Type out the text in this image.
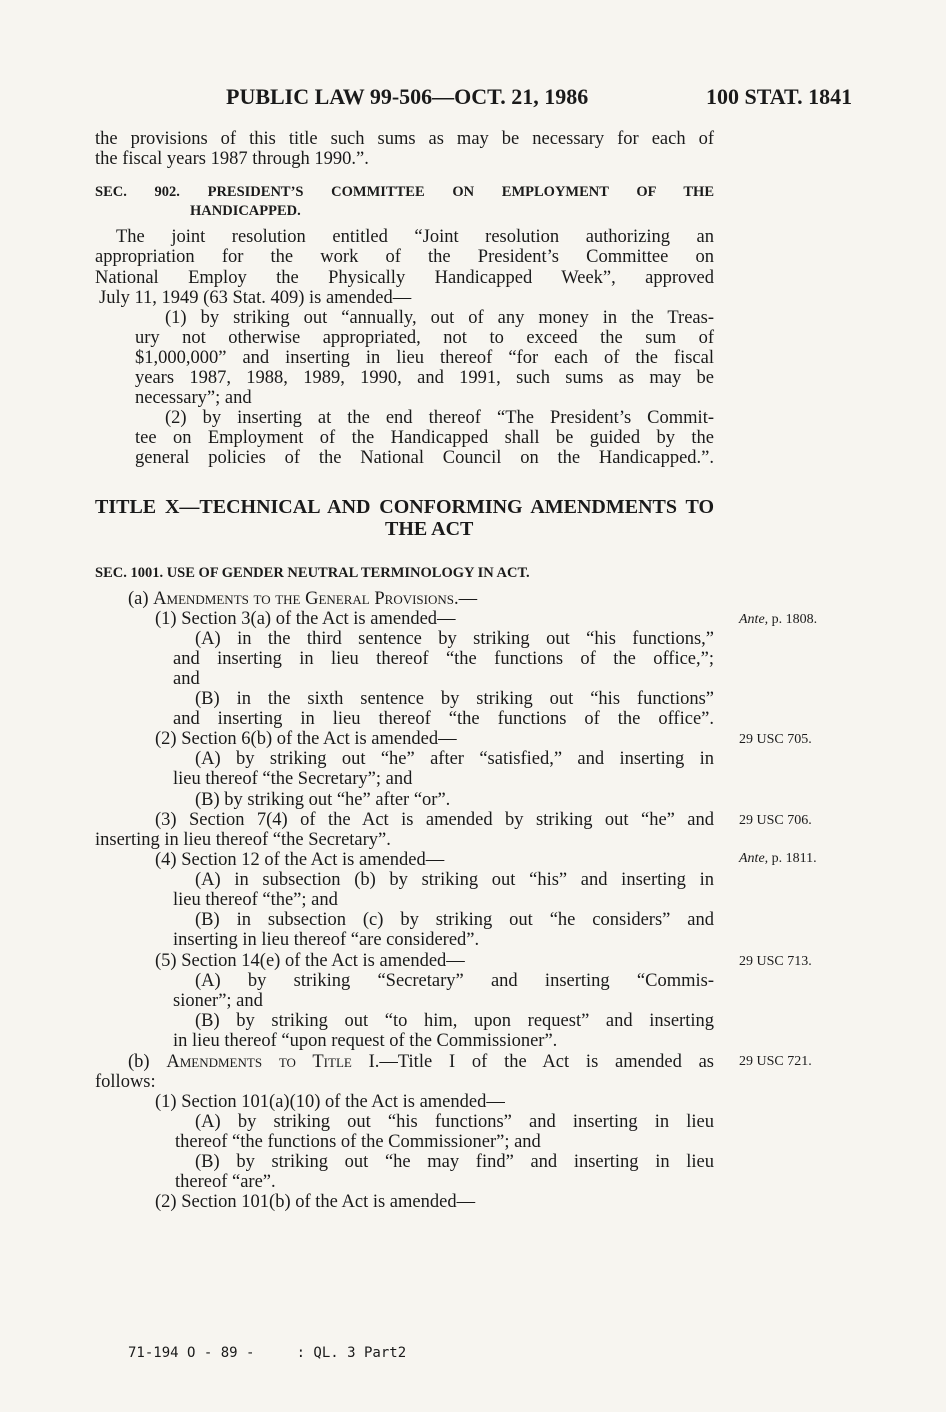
PUBLIC LAW 99-506—OCT. 21, 1986	100 STAT. 1841
the provisions of this title such sums as may be necessary for each of
the fiscal years 1987 through 1990.”.
SEC. 902. PRESIDENT’S COMMITTEE ON EMPLOYMENT OF THE
HANDICAPPED.
The joint resolution entitled “Joint resolution authorizing an
appropriation for the work of the President’s Committee on
National Employ the Physically Handicapped Week”, approved
July 11, 1949 (63 Stat. 409) is amended—
(1) by striking out “annually, out of any money in the Treas-
ury not otherwise appropriated, not to exceed the sum of
$1,000,000” and inserting in lieu thereof “for each of the fiscal
years 1987, 1988, 1989, 1990, and 1991, such sums as may be
necessary”; and
(2) by inserting at the end thereof “The President’s Commit-
tee on Employment of the Handicapped shall be guided by the
general policies of the National Council on the Handicapped.”.
TITLE X—TECHNICAL AND CONFORMING AMENDMENTS TO
THE ACT
SEC. 1001. USE OF GENDER NEUTRAL TERMINOLOGY IN ACT.
(1) Section 3(a) of the Act is amended—
(A) in the third sentence by striking out “his functions,”
and inserting in lieu thereof “the functions of the office,”;
and
(B) in the sixth sentence by striking out “his functions”
and inserting in lieu thereof “the functions of the office”.
(2) Section 6(b) of the Act is amended—
(A) by striking out “he” after “satisfied,” and inserting in
lieu thereof “the Secretary”; and
(B) by striking out “he” after “or”.
(3) Section 7(4) of the Act is amended by striking out “he” and
inserting in lieu thereof “the Secretary”.
(4) Section 12 of the Act is amended—
(A) in subsection (b) by striking out “his” and inserting in
lieu thereof “the”; and
(B) in subsection (c) by striking out “he considers” and
inserting in lieu thereof “are considered”.
(5) Section 14(e) of the Act is amended—
(A) by striking “Secretary” and inserting “Commis-
sioner”; and
(B) by striking out “to him, upon request” and inserting
in lieu thereof “upon request of the Commissioner”.
follows:
(1) Section 101(a)(10) of the Act is amended—
(A) by striking out “his functions” and inserting in lieu
thereof “the functions of the Commissioner”; and
(B) by striking out “he may find” and inserting in lieu
thereof “are”.
(2) Section 101(b) of the Act is amended—
(a) Amendments to the General Provisions.—
(b) Amendments to Title I.—Title I of the Act is amended as
Ante, p. 1808.
29 USC 705.
29 USC 706.
Ante, p. 1811.
29 USC 713.
29 USC 721.
71-194 O - 89 -     : QL. 3 Part2
